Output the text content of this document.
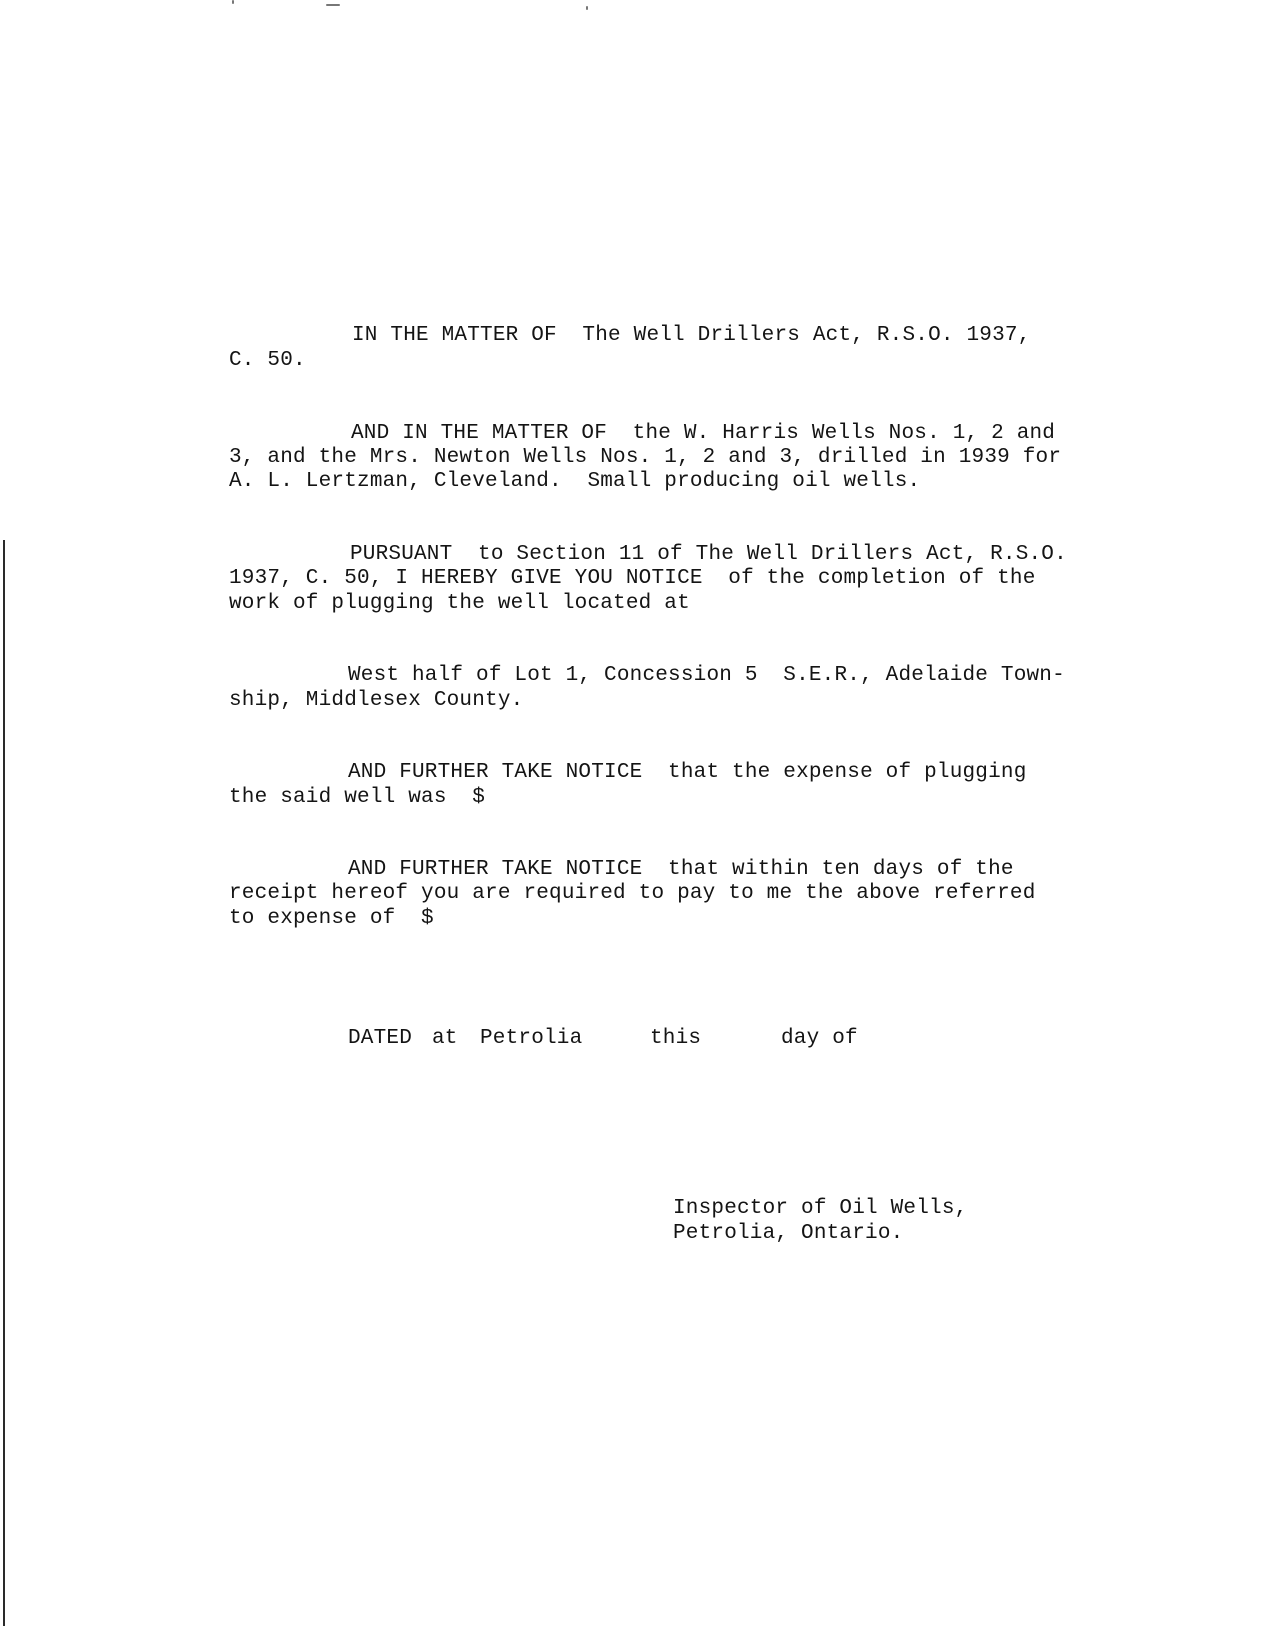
IN THE MATTER OF  The Well Drillers Act, R.S.O. 1937,
C. 50.
AND IN THE MATTER OF  the W. Harris Wells Nos. 1, 2 and
3, and the Mrs. Newton Wells Nos. 1, 2 and 3, drilled in 1939 for
A. L. Lertzman, Cleveland.  Small producing oil wells.
PURSUANT  to Section 11 of The Well Drillers Act, R.S.O.
1937, C. 50, I HEREBY GIVE YOU NOTICE  of the completion of the
work of plugging the well located at
West half of Lot 1, Concession 5  S.E.R., Adelaide Town-
ship, Middlesex County.
AND FURTHER TAKE NOTICE  that the expense of plugging
the said well was  $
AND FURTHER TAKE NOTICE  that within ten days of the
receipt hereof you are required to pay to me the above referred
to expense of  $
DATED at Petrolia	this	day of
Inspector of Oil Wells,
Petrolia, Ontario.
